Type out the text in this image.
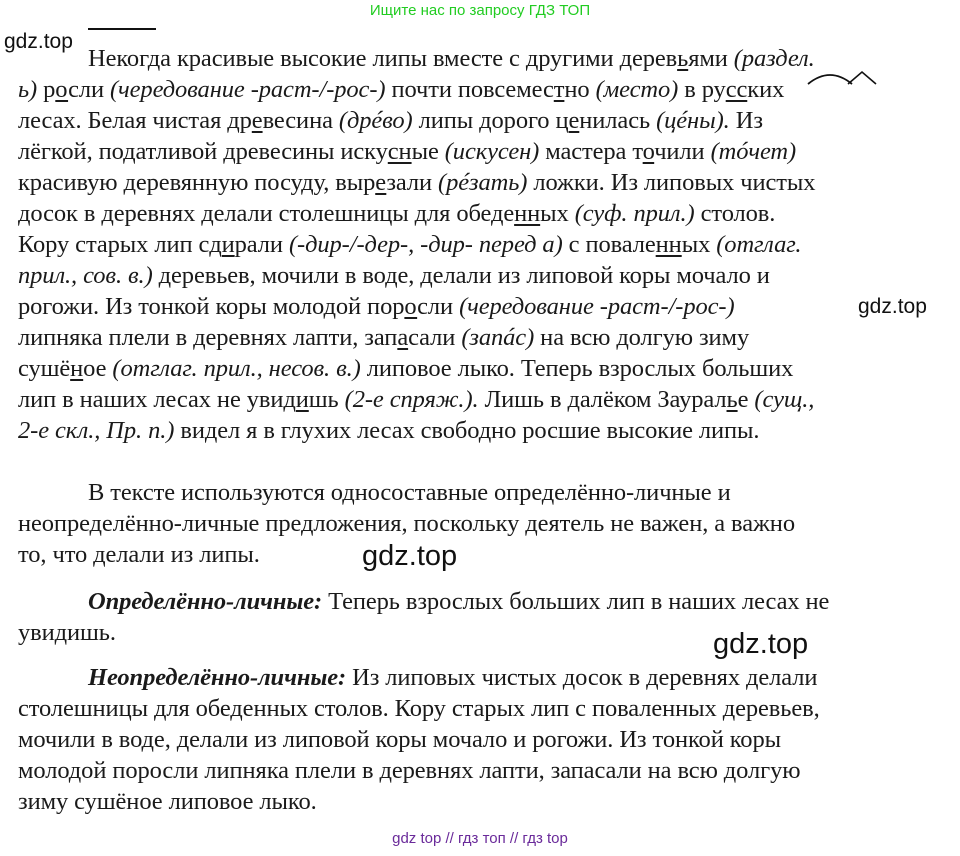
Ищите нас по запросу ГДЗ ТОП
gdz.top
gdz.top
gdz.top
gdz.top
Некогда красивые высокие липы вместе с другими деревьями (раздел.
ь) росли (чередование -раст-/-рос-) почти повсеместно (место) в русских
лесах. Белая чистая древесина (дрéво) липы дорого ценилась (цéны). Из
лёгкой, податливой древесины искусные (искусен) мастера точили (тóчет)
красивую деревянную посуду, вырезали (рéзать) ложки. Из липовых чистых
досок в деревнях делали столешницы для обеденных (суф. прил.) столов.
Кору старых лип сдирали (-дир-/-дер-, -дир- перед а) с поваленных (отглаг.
прил., сов. в.) деревьев, мочили в воде, делали из липовой коры мочало и
рогожи. Из тонкой коры молодой поросли (чередование -раст-/-рос-)
липняка плели в деревнях лапти, запасали (запáс) на всю долгую зиму
сушёное (отглаг. прил., несов. в.) липовое лыко. Теперь взрослых больших
лип в наших лесах не увидишь (2-е спряж.). Лишь в далёком Зауралье (сущ.,
2-е скл., Пр. п.) видел я в глухих лесах свободно росшие высокие липы.
В тексте используются односоставные определённо-личные и
неопределённо-личные предложения, поскольку деятель не важен, а важно
то, что делали из липы.
Определённо-личные: Теперь взрослых больших лип в наших лесах не
увидишь.
Неопределённо-личные: Из липовых чистых досок в деревнях делали
столешницы для обеденных столов. Кору старых лип с поваленных деревьев,
мочили в воде, делали из липовой коры мочало и рогожи. Из тонкой коры
молодой поросли липняка плели в деревнях лапти, запасали на всю долгую
зиму сушёное липовое лыко.
gdz top // гдз топ // гдз top
